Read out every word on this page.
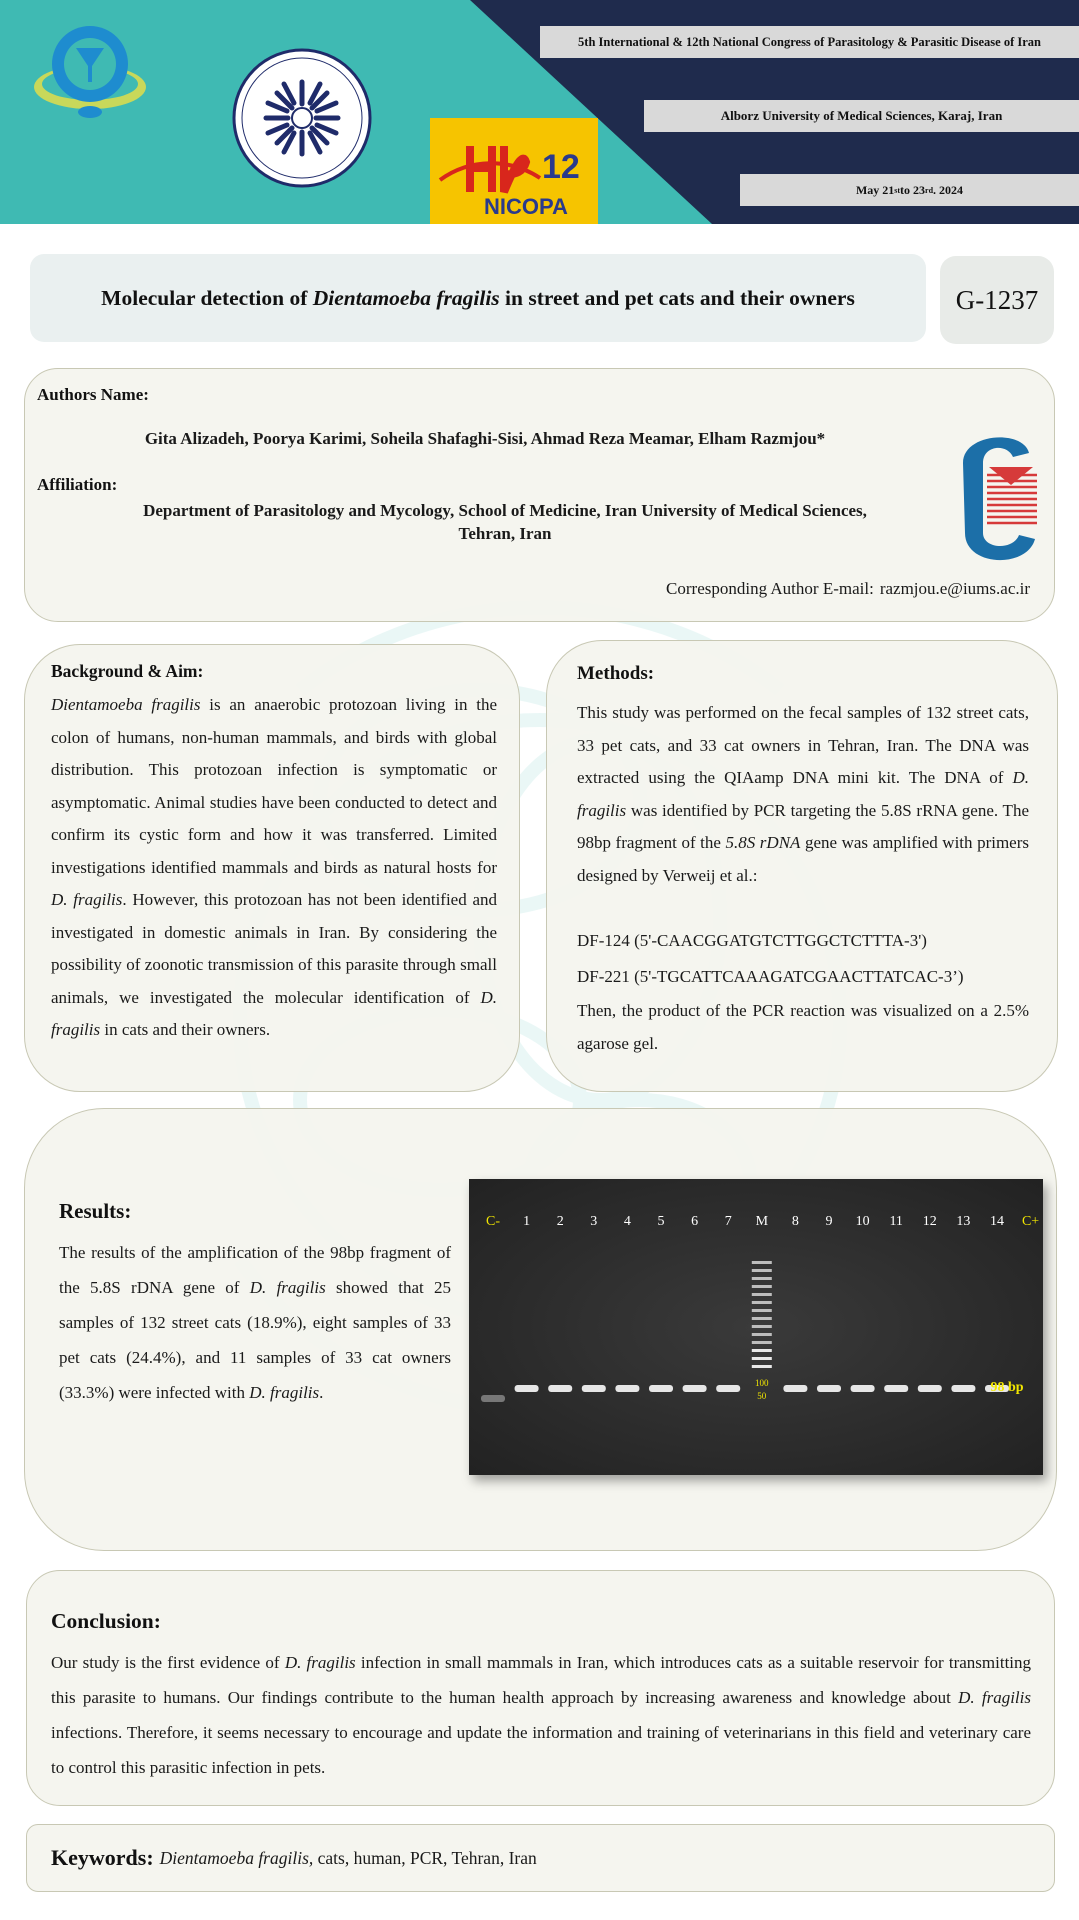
12
NICOPA
5th International & 12th National Congress of Parasitology & Parasitic Disease of Iran
Alborz University of Medical Sciences, Karaj, Iran
May 21 st to 23 rd . 2024
Molecular detection of Dientamoeba fragilis in street and pet cats and their owners	G-1237
Authors Name:
Gita Alizadeh, Poorya Karimi, Soheila Shafaghi-Sisi, Ahmad Reza Meamar, Elham Razmjou*
Affiliation:
Department of Parasitology and Mycology, School of Medicine, Iran University of Medical Sciences,
Tehran, Iran
Corresponding Author E-mail: razmjou.e@iums.ac.ir
Background & Aim:
Dientamoeba fragilis is an anaerobic protozoan living in the colon of humans, non-human mammals, and birds with global distribution. This protozoan infection is symptomatic or asymptomatic. Animal studies have been conducted to detect and confirm its cystic form and how it was transferred. Limited investigations identified mammals and birds as natural hosts for D. fragilis. However, this protozoan has not been identified and investigated in domestic animals in Iran. By considering the possibility of zoonotic transmission of this parasite through small animals, we investigated the molecular identification of D. fragilis in cats and their owners.
Methods:
This study was performed on the fecal samples of 132 street cats, 33 pet cats, and 33 cat owners in Tehran, Iran. The DNA was extracted using the QIAamp DNA mini kit. The DNA of D. fragilis was identified by PCR targeting the 5.8S rRNA gene. The 98bp fragment of the 5.8S rDNA gene was amplified with primers designed by Verweij et al.:
DF-124 (5'-CAACGGATGTCTTGGCTCTTTA-3')
DF-221 (5'-TGCATTCAAAGATCGAACTTATCAC-3’)
Then, the product of the PCR reaction was visualized on a 2.5% agarose gel.
Results:
The results of the amplification of the 98bp fragment of the 5.8S rDNA gene of D. fragilis showed that 25 samples of 132 street cats (18.9%), eight samples of 33 pet cats (24.4%), and 11 samples of 33 cat owners (33.3%) were infected with D. fragilis.
C- 1 2 3 4 5 6 7 M
100
50
8 9 10 11 12 13 14 C+
98 bp
Conclusion:
Our study is the first evidence of D. fragilis infection in small mammals in Iran, which introduces cats as a suitable reservoir for transmitting this parasite to humans. Our findings contribute to the human health approach by increasing awareness and knowledge about D. fragilis infections. Therefore, it seems necessary to encourage and update the information and training of veterinarians in this field and veterinary care to control this parasitic infection in pets.
Keywords: Dientamoeba fragilis, cats, human, PCR, Tehran, Iran
